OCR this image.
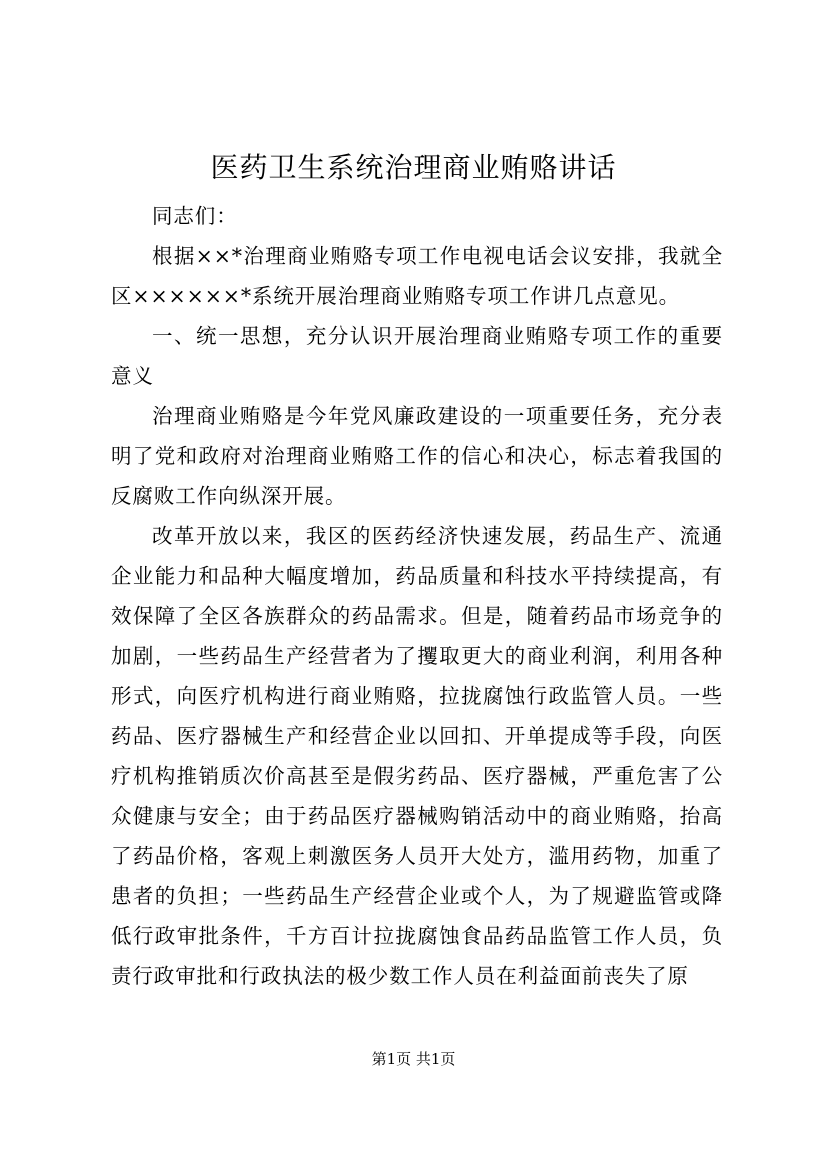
医药卫生系统治理商业贿赂讲话

同志们：

根据××*治理商业贿赂专项工作电视电话会议安排，我就全区××××××*系统开展治理商业贿赂专项工作讲几点意见。

一、统一思想，充分认识开展治理商业贿赂专项工作的重要意义

治理商业贿赂是今年党风廉政建设的一项重要任务，充分表明了党和政府对治理商业贿赂工作的信心和决心，标志着我国的反腐败工作向纵深开展。

改革开放以来，我区的医药经济快速发展，药品生产、流通企业能力和品种大幅度增加，药品质量和科技水平持续提高，有效保障了全区各族群众的药品需求。但是，随着药品市场竞争的加剧，一些药品生产经营者为了攫取更大的商业利润，利用各种形式，向医疗机构进行商业贿赂，拉拢腐蚀行政监管人员。一些药品、医疗器械生产和经营企业以回扣、开单提成等手段，向医疗机构推销质次价高甚至是假劣药品、医疗器械，严重危害了公众健康与安全；由于药品医疗器械购销活动中的商业贿赂，抬高了药品价格，客观上刺激医务人员开大处方，滥用药物，加重了患者的负担；一些药品生产经营企业或个人，为了规避监管或降低行政审批条件，千方百计拉拢腐蚀食品药品监管工作人员，负责行政审批和行政执法的极少数工作人员在利益面前丧失了原

第1页 共1页
